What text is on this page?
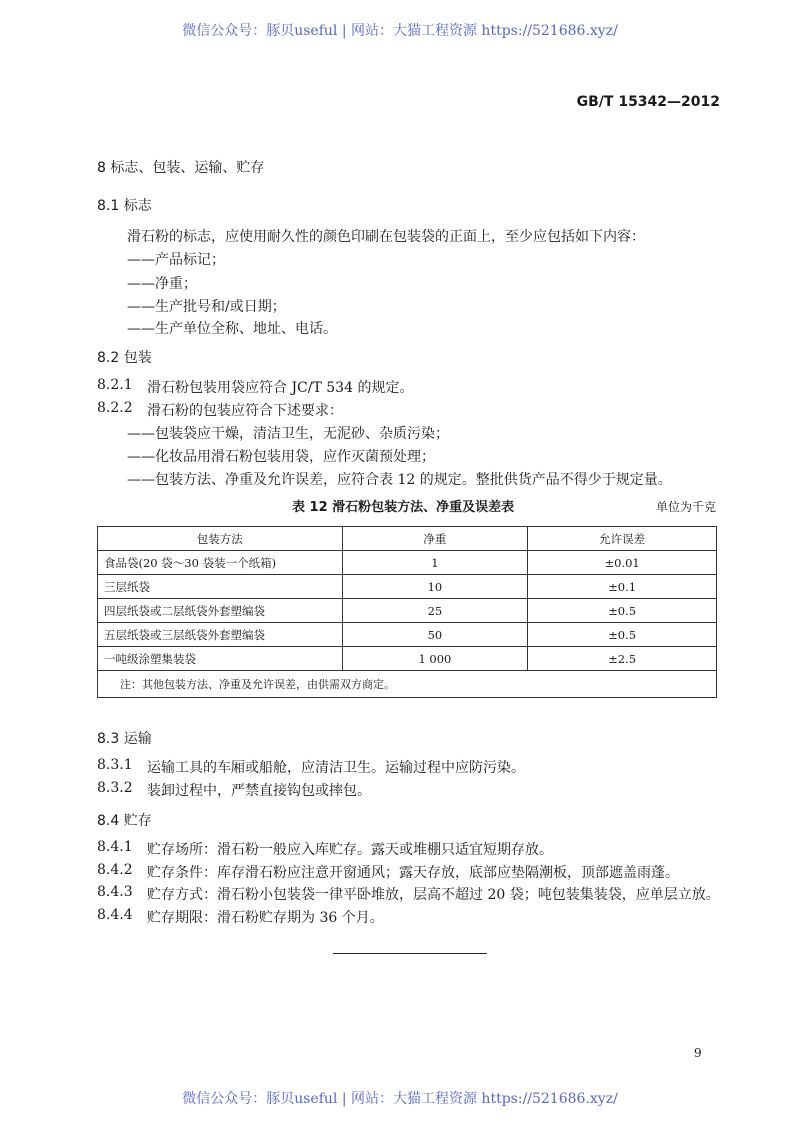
微信公众号：豚贝useful | 网站：大猫工程资源 https://521686.xyz/
GB/T 15342—2012
8 标志、包装、运输、贮存
8.1 标志
滑石粉的标志，应使用耐久性的颜色印刷在包装袋的正面上，至少应包括如下内容：
——产品标记；
——净重；
——生产批号和/或日期；
——生产单位全称、地址、电话。
8.2 包装
8.2.1 滑石粉包装用袋应符合 JC/T 534 的规定。
8.2.2 滑石粉的包装应符合下述要求：
——包装袋应干燥，清洁卫生，无泥砂、杂质污染；
——化妆品用滑石粉包装用袋，应作灭菌预处理；
——包装方法、净重及允许误差，应符合表 12 的规定。整批供货产品不得少于规定量。
表 12 滑石粉包装方法、净重及误差表	单位为千克
包装方法	净重	允许误差
食品袋(20 袋～30 袋装一个纸箱)	1	±0.01
三层纸袋	10	±0.1
四层纸袋或二层纸袋外套塑编袋	25	±0.5
五层纸袋或三层纸袋外套塑编袋	50	±0.5
一吨级涂塑集装袋	1 000	±2.5
注：其他包装方法、净重及允许误差，由供需双方商定。		
8.3 运输
8.3.1 运输工具的车厢或船舱，应清洁卫生。运输过程中应防污染。
8.3.2 装卸过程中，严禁直接钩包或摔包。
8.4 贮存
8.4.1 贮存场所：滑石粉一般应入库贮存。露天或堆棚只适宜短期存放。
8.4.2 贮存条件：库存滑石粉应注意开窗通风；露天存放，底部应垫隔潮板，顶部遮盖雨蓬。
8.4.3 贮存方式：滑石粉小包装袋一律平卧堆放，层高不超过 20 袋；吨包装集装袋，应单层立放。
8.4.4 贮存期限：滑石粉贮存期为 36 个月。
9
微信公众号：豚贝useful | 网站：大猫工程资源 https://521686.xyz/
